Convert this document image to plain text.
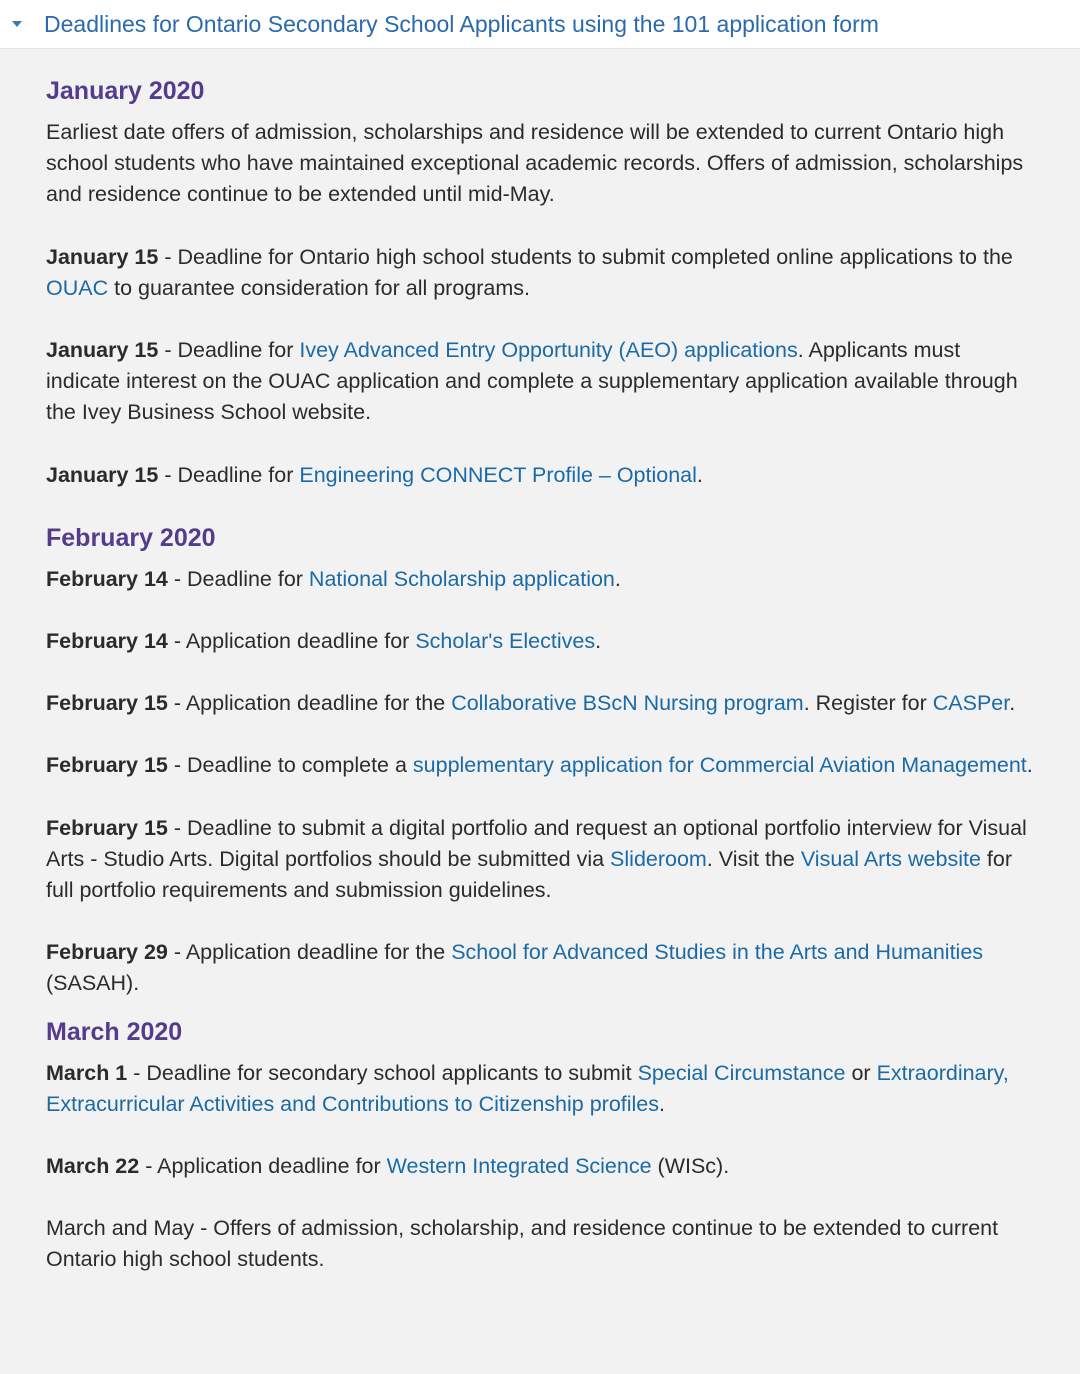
Deadlines for Ontario Secondary School Applicants using the 101 application form
January 2020

Earliest date offers of admission, scholarships and residence will be extended to current Ontario high school students who have maintained exceptional academic records. Offers of admission, scholarships and residence continue to be extended until mid-May.

January 15 - Deadline for Ontario high school students to submit completed online applications to the OUAC to guarantee consideration for all programs.

January 15 - Deadline for Ivey Advanced Entry Opportunity (AEO) applications. Applicants must indicate interest on the OUAC application and complete a supplementary application available through the Ivey Business School website.

January 15 - Deadline for Engineering CONNECT Profile – Optional.

February 2020

February 14 - Deadline for National Scholarship application.

February 14 - Application deadline for Scholar's Electives.

February 15 - Application deadline for the Collaborative BScN Nursing program. Register for CASPer.

February 15 - Deadline to complete a supplementary application for Commercial Aviation Management.

February 15 - Deadline to submit a digital portfolio and request an optional portfolio interview for Visual Arts - Studio Arts. Digital portfolios should be submitted via Slideroom. Visit the Visual Arts website for full portfolio requirements and submission guidelines.

February 29 - Application deadline for the School for Advanced Studies in the Arts and Humanities (SASAH).

March 2020

March 1 - Deadline for secondary school applicants to submit Special Circumstance or Extraordinary, Extracurricular Activities and Contributions to Citizenship profiles.

March 22 - Application deadline for Western Integrated Science (WISc).

March and May - Offers of admission, scholarship, and residence continue to be extended to current Ontario high school students.
